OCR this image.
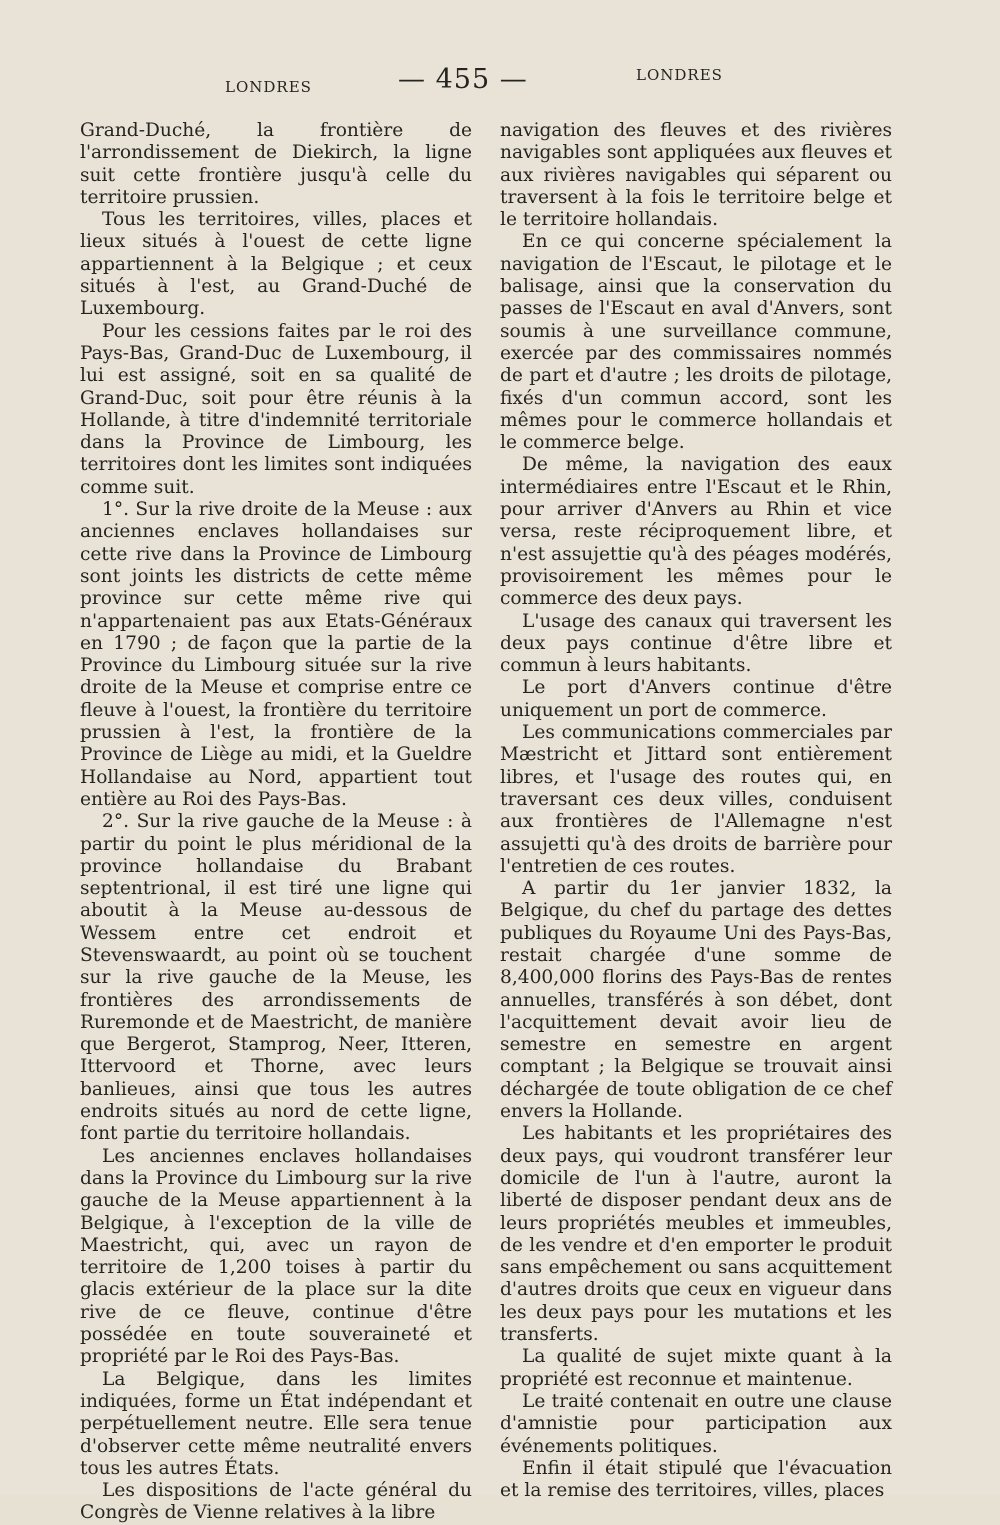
LONDRES	— 455 —	LONDRES

Grand-Duché, la frontière de l'arrondissement de Diekirch, la ligne suit cette frontière jusqu'à celle du territoire prussien.

Tous les territoires, villes, places et lieux situés à l'ouest de cette ligne appartiennent à la Belgique ; et ceux situés à l'est, au Grand-Duché de Luxembourg.

Pour les cessions faites par le roi des Pays-Bas, Grand-Duc de Luxembourg, il lui est assigné, soit en sa qualité de Grand-Duc, soit pour être réunis à la Hollande, à titre d'indemnité territoriale dans la Province de Limbourg, les territoires dont les limites sont indiquées comme suit.

1°. Sur la rive droite de la Meuse : aux anciennes enclaves hollandaises sur cette rive dans la Province de Limbourg sont joints les districts de cette même province sur cette même rive qui n'appartenaient pas aux Etats-Généraux en 1790 ; de façon que la partie de la Province du Limbourg située sur la rive droite de la Meuse et comprise entre ce fleuve à l'ouest, la frontière du territoire prussien à l'est, la frontière de la Province de Liège au midi, et la Gueldre Hollandaise au Nord, appartient tout entière au Roi des Pays-Bas.

2°. Sur la rive gauche de la Meuse : à partir du point le plus méridional de la province hollandaise du Brabant septentrional, il est tiré une ligne qui aboutit à la Meuse au-dessous de Wessem entre cet endroit et Stevenswaardt, au point où se touchent sur la rive gauche de la Meuse, les frontières des arrondissements de Ruremonde et de Maestricht, de manière que Bergerot, Stamprog, Neer, Itteren, Ittervoord et Thorne, avec leurs banlieues, ainsi que tous les autres endroits situés au nord de cette ligne, font partie du territoire hollandais.

Les anciennes enclaves hollandaises dans la Province du Limbourg sur la rive gauche de la Meuse appartiennent à la Belgique, à l'exception de la ville de Maestricht, qui, avec un rayon de territoire de 1,200 toises à partir du glacis extérieur de la place sur la dite rive de ce fleuve, continue d'être possédée en toute souveraineté et propriété par le Roi des Pays-Bas.

La Belgique, dans les limites indiquées, forme un État indépendant et perpétuellement neutre. Elle sera tenue d'observer cette même neutralité envers tous les autres États.

Les dispositions de l'acte général du Congrès de Vienne relatives à la libre

navigation des fleuves et des rivières navigables sont appliquées aux fleuves et aux rivières navigables qui séparent ou traversent à la fois le territoire belge et le territoire hollandais.

En ce qui concerne spécialement la navigation de l'Escaut, le pilotage et le balisage, ainsi que la conservation du passes de l'Escaut en aval d'Anvers, sont soumis à une surveillance commune, exercée par des commissaires nommés de part et d'autre ; les droits de pilotage, fixés d'un commun accord, sont les mêmes pour le commerce hollandais et le commerce belge.

De même, la navigation des eaux intermédiaires entre l'Escaut et le Rhin, pour arriver d'Anvers au Rhin et vice versa, reste réciproquement libre, et n'est assujettie qu'à des péages modérés, provisoirement les mêmes pour le commerce des deux pays.

L'usage des canaux qui traversent les deux pays continue d'être libre et commun à leurs habitants.

Le port d'Anvers continue d'être uniquement un port de commerce.

Les communications commerciales par Mæstricht et Jittard sont entièrement libres, et l'usage des routes qui, en traversant ces deux villes, conduisent aux frontières de l'Allemagne n'est assujetti qu'à des droits de barrière pour l'entretien de ces routes.

A partir du 1er janvier 1832, la Belgique, du chef du partage des dettes publiques du Royaume Uni des Pays-Bas, restait chargée d'une somme de 8,400,000 florins des Pays-Bas de rentes annuelles, transférés à son débet, dont l'acquittement devait avoir lieu de semestre en semestre en argent comptant ; la Belgique se trouvait ainsi déchargée de toute obligation de ce chef envers la Hollande.

Les habitants et les propriétaires des deux pays, qui voudront transférer leur domicile de l'un à l'autre, auront la liberté de disposer pendant deux ans de leurs propriétés meubles et immeubles, de les vendre et d'en emporter le produit sans empêchement ou sans acquittement d'autres droits que ceux en vigueur dans les deux pays pour les mutations et les transferts.

La qualité de sujet mixte quant à la propriété est reconnue et maintenue.

Le traité contenait en outre une clause d'amnistie pour participation aux événements politiques.

Enfin il était stipulé que l'évacuation et la remise des territoires, villes, places
